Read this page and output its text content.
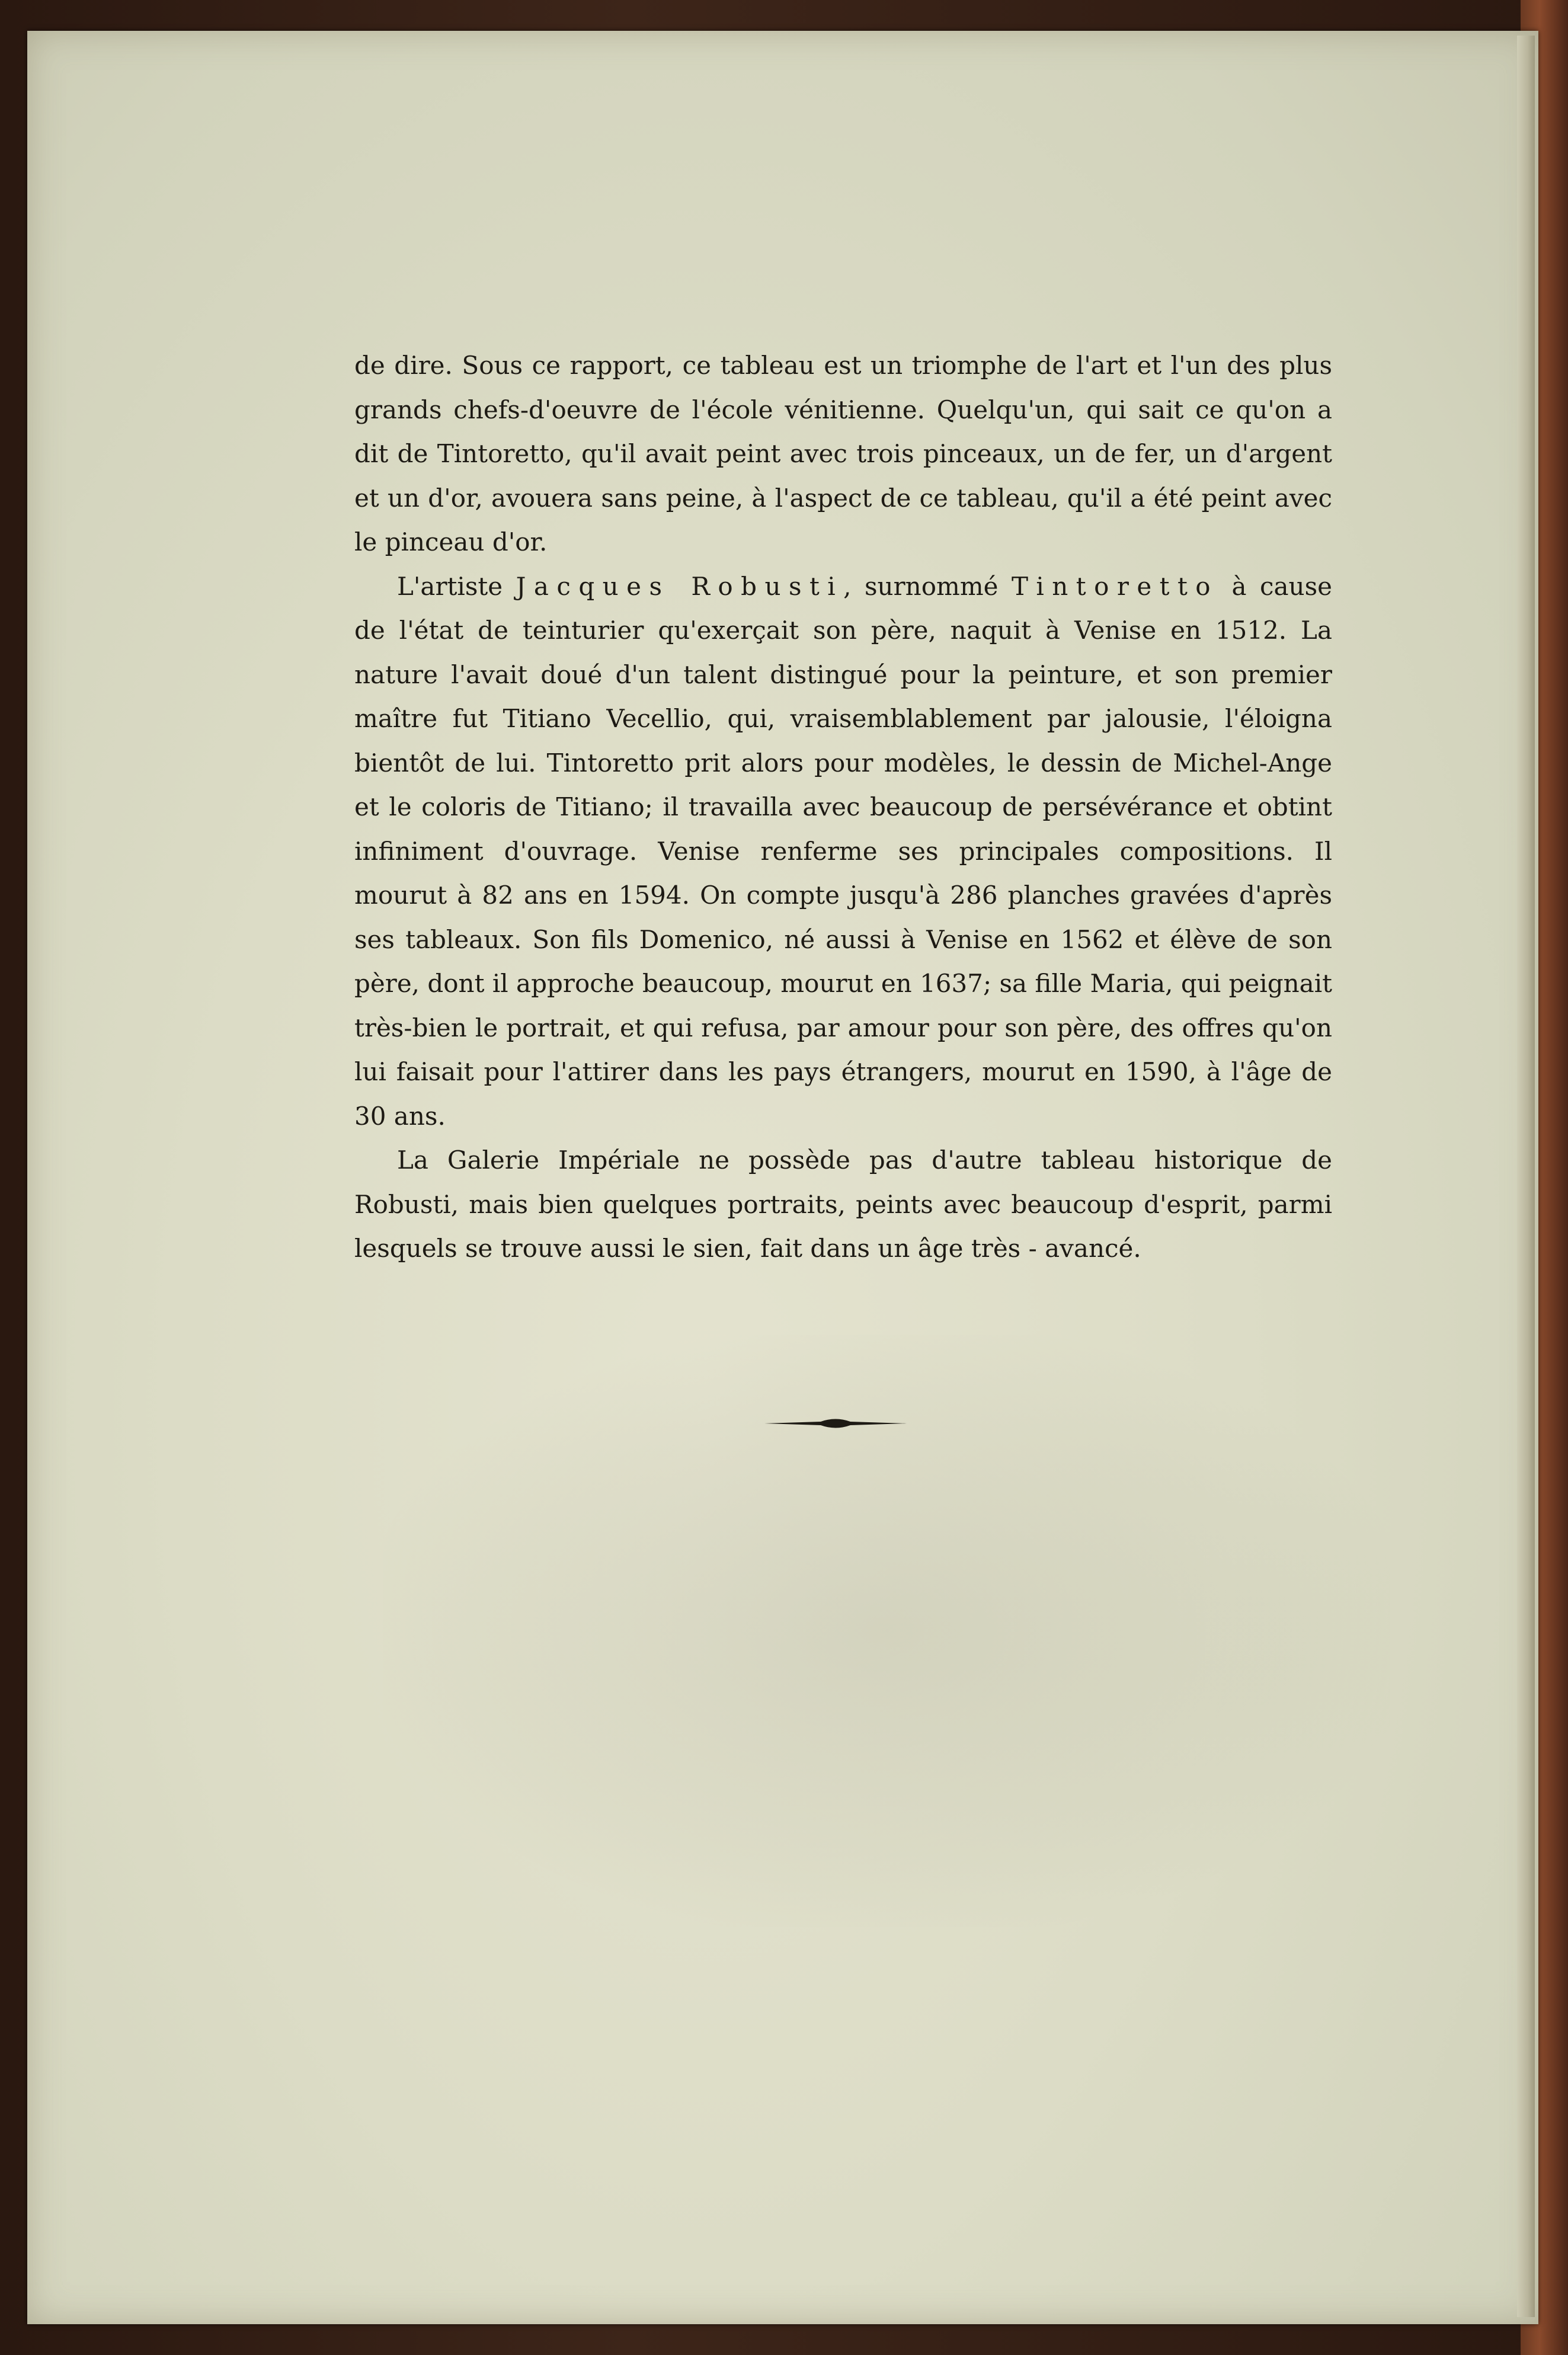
de dire. Sous ce rapport, ce tableau est un triomphe de l'art et l'un des plus grands chefs-d'oeuvre de l'école vénitienne. Quelqu'un, qui sait ce qu'on a dit de Tintoretto, qu'il avait peint avec trois pinceaux, un de fer, un d'argent et un d'or, avouera sans peine, à l'aspect de ce tableau, qu'il a été peint avec le pinceau d'or.

L'artiste Jacques Robusti, surnommé Tintoretto à cause de l'état de teinturier qu'exerçait son père, naquit à Venise en 1512. La nature l'avait doué d'un talent distingué pour la peinture, et son premier maître fut Titiano Vecellio, qui, vraisemblablement par jalousie, l'éloigna bientôt de lui. Tintoretto prit alors pour modèles, le dessin de Michel-Ange et le coloris de Titiano; il travailla avec beaucoup de persévérance et obtint infiniment d'ouvrage. Venise renferme ses principales compositions. Il mourut à 82 ans en 1594. On compte jusqu'à 286 planches gravées d'après ses tableaux. Son fils Domenico, né aussi à Venise en 1562 et élève de son père, dont il approche beaucoup, mourut en 1637; sa fille Maria, qui peignait très-bien le portrait, et qui refusa, par amour pour son père, des offres qu'on lui faisait pour l'attirer dans les pays étrangers, mourut en 1590, à l'âge de 30 ans.

La Galerie Impériale ne possède pas d'autre tableau historique de Robusti, mais bien quelques portraits, peints avec beaucoup d'esprit, parmi lesquels se trouve aussi le sien, fait dans un âge très - avancé.
